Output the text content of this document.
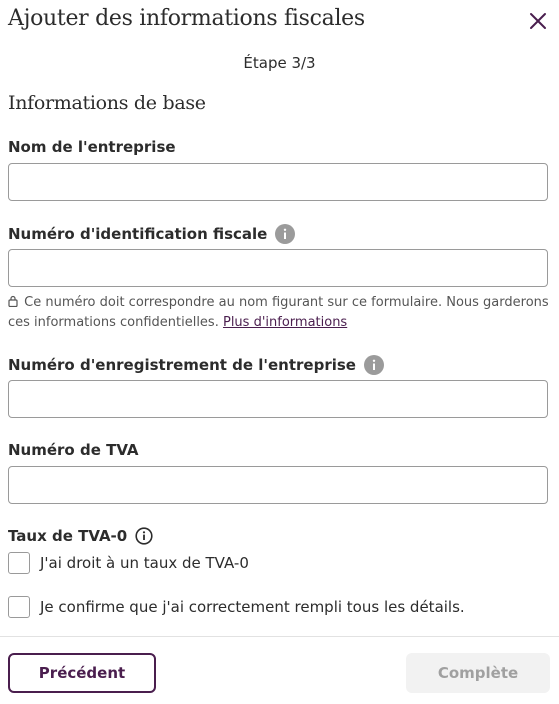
Ajouter des informations fiscales
Étape 3/3
Informations de base
Nom de l'entreprise
Numéro d'identification fiscale
Ce numéro doit correspondre au nom figurant sur ce formulaire. Nous garderons ces informations confidentielles. Plus d'informations
Numéro d'enregistrement de l'entreprise
Numéro de TVA
Taux de TVA-0
J'ai droit à un taux de TVA-0
Je confirme que j'ai correctement rempli tous les détails.
Précédent	Complète
